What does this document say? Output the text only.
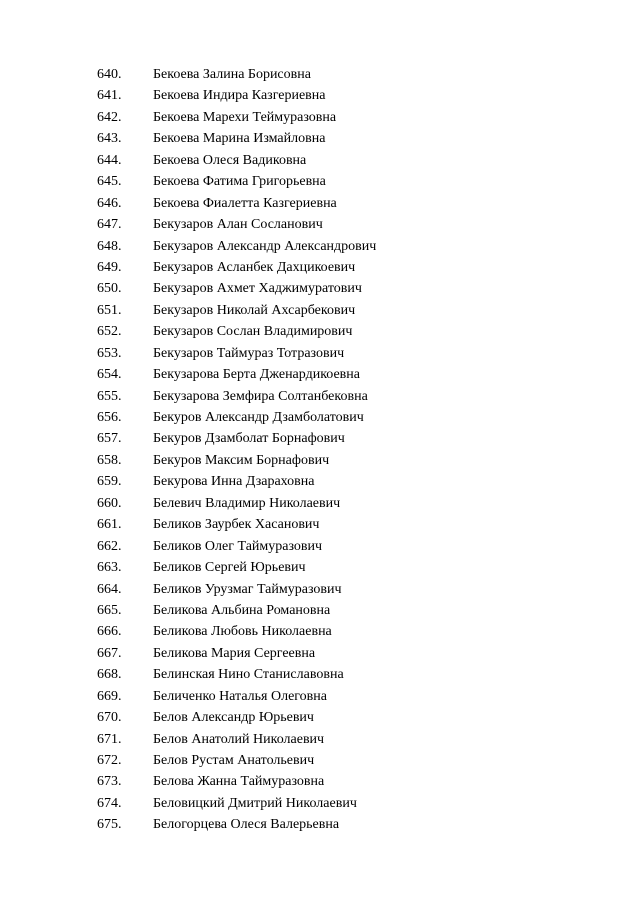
640.	Бекоева Залина Борисовна
641.	Бекоева Индира Казгериевна
642.	Бекоева Марехи Теймуразовна
643.	Бекоева Марина Измайловна
644.	Бекоева Олеся Вадиковна
645.	Бекоева Фатима Григорьевна
646.	Бекоева Фиалетта Казгериевна
647.	Бекузаров Алан Сосланович
648.	Бекузаров Александр Александрович
649.	Бекузаров Асланбек Дахцикоевич
650.	Бекузаров Ахмет Хаджимуратович
651.	Бекузаров Николай Ахсарбекович
652.	Бекузаров Сослан Владимирович
653.	Бекузаров Таймураз Тотразович
654.	Бекузарова Берта Дженардикоевна
655.	Бекузарова Земфира Солтанбековна
656.	Бекуров Александр Дзамболатович
657.	Бекуров Дзамболат Борнафович
658.	Бекуров Максим Борнафович
659.	Бекурова Инна Дзараховна
660.	Белевич Владимир Николаевич
661.	Беликов Заурбек Хасанович
662.	Беликов Олег Таймуразович
663.	Беликов Сергей Юрьевич
664.	Беликов Урузмаг Таймуразович
665.	Беликова Альбина Романовна
666.	Беликова Любовь Николаевна
667.	Беликова Мария Сергеевна
668.	Белинская Нино Станиславовна
669.	Беличенко Наталья Олеговна
670.	Белов Александр Юрьевич
671.	Белов Анатолий Николаевич
672.	Белов Рустам Анатольевич
673.	Белова Жанна Таймуразовна
674.	Беловицкий Дмитрий Николаевич
675.	Белогорцева Олеся Валерьевна
